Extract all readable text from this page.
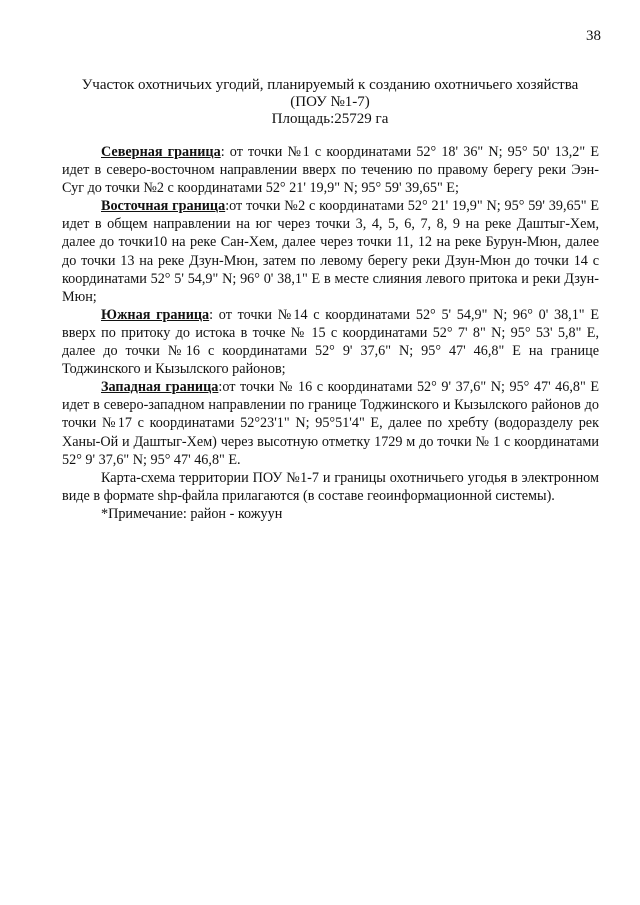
38
Участок охотничьих угодий, планируемый к созданию охотничьего хозяйства
(ПОУ №1-7)
Площадь:25729 га

Северная граница: от точки №1 с координатами 52° 18' 36" N; 95° 50' 13,2" E идет в северо-восточном направлении вверх по течению по правому берегу реки Ээн-Суг до точки №2 с координатами 52° 21' 19,9" N; 95° 59' 39,65" E;

Восточная граница:от точки №2 с координатами 52° 21' 19,9" N; 95° 59' 39,65" E идет в общем направлении на юг через точки 3, 4, 5, 6, 7, 8, 9 на реке Даштыг-Хем, далее до точки10 на реке Сан-Хем, далее через точки 11, 12 на реке Бурун-Мюн, далее до точки 13 на реке Дзун-Мюн, затем по левому берегу реки Дзун-Мюн до точки 14 с координатами 52° 5' 54,9" N; 96° 0' 38,1" E в месте слияния левого притока и реки Дзун-Мюн;

Южная граница: от точки №14 с координатами 52° 5' 54,9" N; 96° 0' 38,1" E вверх по притоку до истока в точке № 15 с координатами 52° 7' 8" N; 95° 53' 5,8" E, далее до точки №16 с координатами 52° 9' 37,6" N; 95° 47' 46,8" E на границе Тоджинского и Кызылского районов;

Западная граница:от точки № 16 с координатами 52° 9' 37,6" N; 95° 47' 46,8" E идет в северо-западном направлении по границе Тоджинского и Кызылского районов до точки №17 с координатами 52°23'1" N; 95°51'4" E, далее по хребту (водоразделу рек Ханы-Ой и Даштыг-Хем) через высотную отметку 1729 м до точки № 1 с координатами 52° 9' 37,6" N; 95° 47' 46,8" E.

Карта-схема территории ПОУ №1-7 и границы охотничьего угодья в электронном виде в формате shp-файла прилагаются (в составе геоинформационной системы).

*Примечание: район - кожуун
